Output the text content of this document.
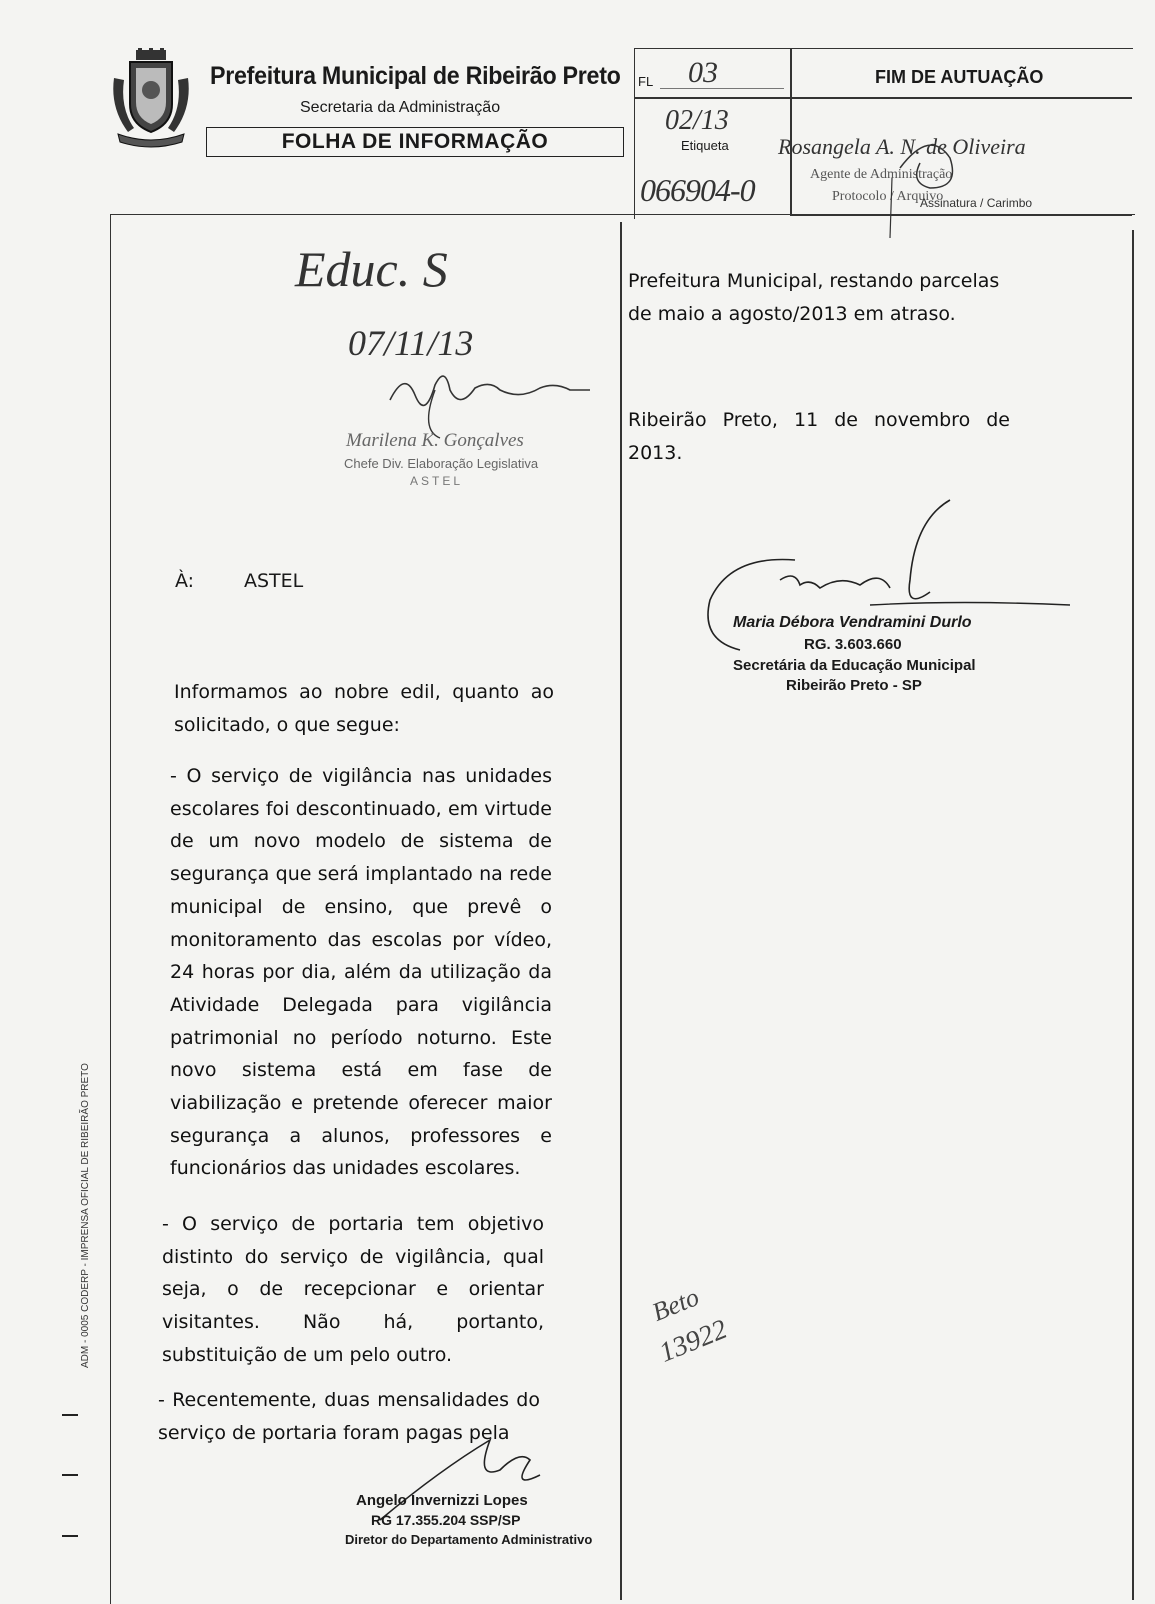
Prefeitura Municipal de Ribeirão Preto
Secretaria da Administração
FOLHA DE INFORMAÇÃO
FL 03	FIM DE AUTUAÇÃO
02/13
Etiqueta
066904-0
Rosangela A. N. de Oliveira
Agente de Administração
Protocolo / Arquivo
Assinatura / Carimbo
Educ. S
07/11/13
Marilena K. Gonçalves
Chefe Div. Elaboração Legislativa
ASTEL
À:	ASTEL
Informamos ao nobre edil, quanto ao solicitado, o que segue:
- O serviço de vigilância nas unidades escolares foi descontinuado, em virtude de um novo modelo de sistema de segurança que será implantado na rede municipal de ensino, que prevê o monitoramento das escolas por vídeo, 24 horas por dia, além da utilização da Atividade Delegada para vigilância patrimonial no período noturno. Este novo sistema está em fase de viabilização e pretende oferecer maior segurança a alunos, professores e funcionários das unidades escolares.
- O serviço de portaria tem objetivo distinto do serviço de vigilância, qual seja, o de recepcionar e orientar visitantes. Não há, portanto, substituição de um pelo outro.
- Recentemente, duas mensalidades do serviço de portaria foram pagas pela
Prefeitura Municipal, restando parcelas de maio a agosto/2013 em atraso.
Ribeirão Preto, 11 de novembro de 2013.
Maria Débora Vendramini Durlo
RG. 3.603.660
Secretária da Educação Municipal
Ribeirão Preto - SP
Angelo Invernizzi Lopes
RG 17.355.204 SSP/SP
Diretor do Departamento Administrativo
Beto
13922
ADM - 0005 CODERP - IMPRENSA OFICIAL DE RIBEIRÃO PRETO
